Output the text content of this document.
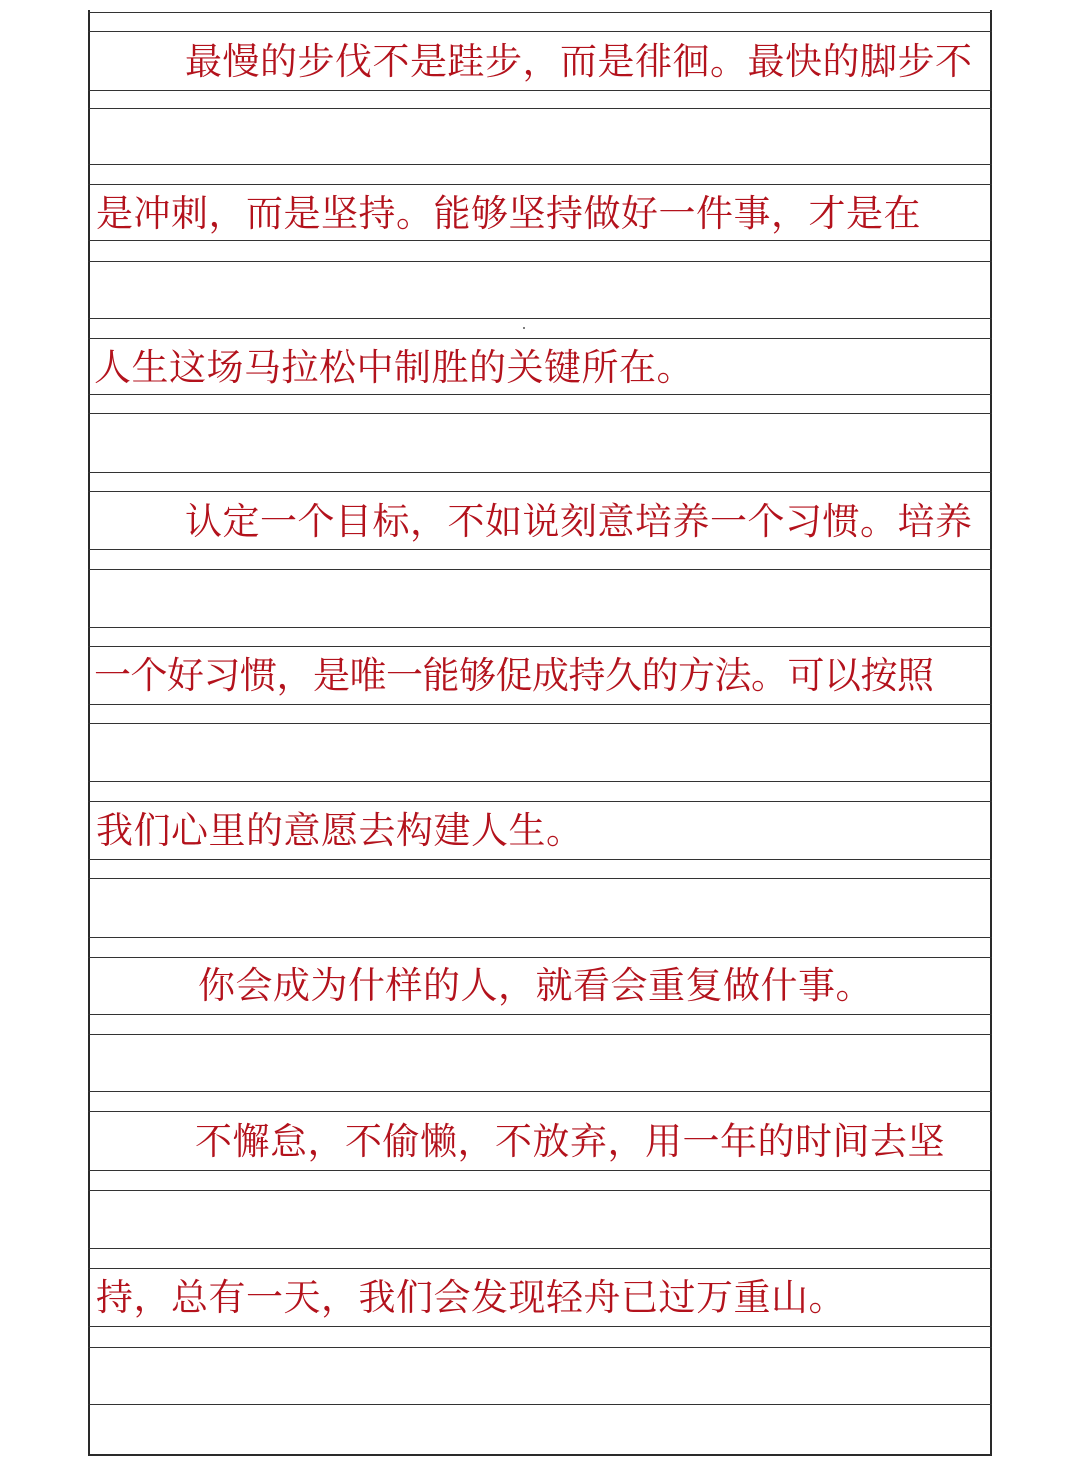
最慢的步伐不是跬步，而是徘徊。最快的脚步不

是冲刺，而是坚持。能够坚持做好一件事，才是在

人生这场马拉松中制胜的关键所在。

认定一个目标，不如说刻意培养一个习惯。培养

一个好习惯，是唯一能够促成持久的方法。可以按照

我们心里的意愿去构建人生。

你会成为什样的人，就看会重复做什事。

不懈怠，不偷懒，不放弃，用一年的时间去坚

持，总有一天，我们会发现轻舟已过万重山。
